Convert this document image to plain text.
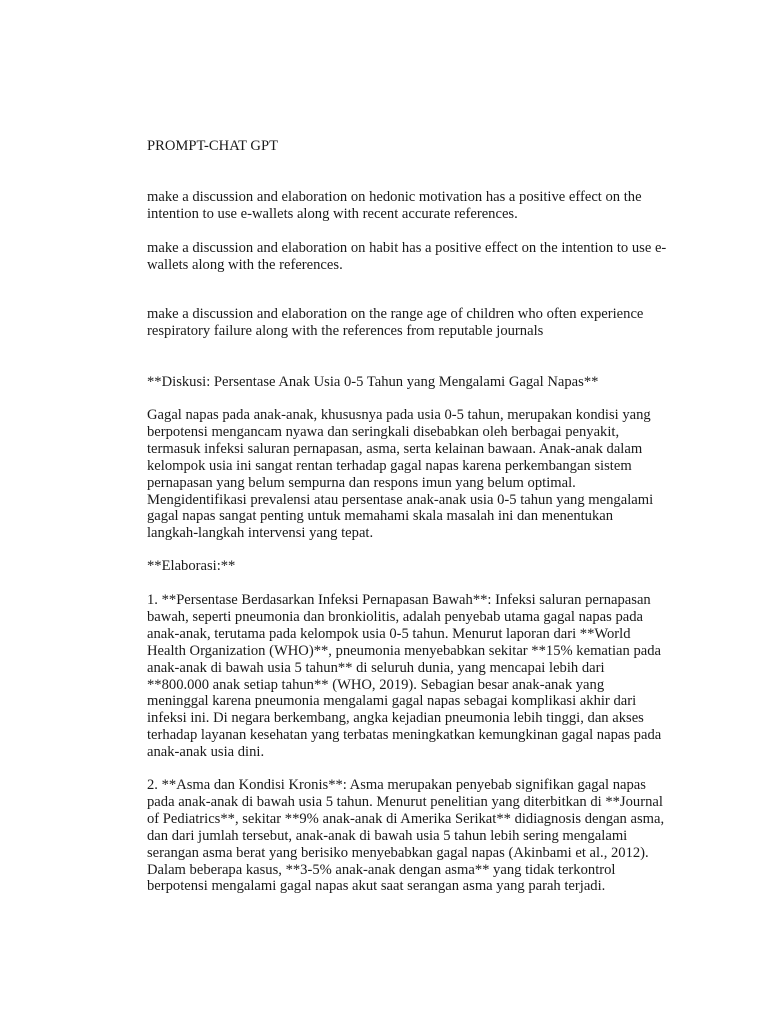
PROMPT-CHAT GPT

make a discussion and elaboration on hedonic motivation has a positive effect on the intention to use e-wallets along with recent accurate references.

make a discussion and elaboration on habit has a positive effect on the intention to use e-wallets along with the references.

make a discussion and elaboration on the range age of children who often experience respiratory failure along with the references from reputable journals

**Diskusi: Persentase Anak Usia 0-5 Tahun yang Mengalami Gagal Napas**

Gagal napas pada anak-anak, khususnya pada usia 0-5 tahun, merupakan kondisi yang berpotensi mengancam nyawa dan seringkali disebabkan oleh berbagai penyakit, termasuk infeksi saluran pernapasan, asma, serta kelainan bawaan. Anak-anak dalam kelompok usia ini sangat rentan terhadap gagal napas karena perkembangan sistem pernapasan yang belum sempurna dan respons imun yang belum optimal. Mengidentifikasi prevalensi atau persentase anak-anak usia 0-5 tahun yang mengalami gagal napas sangat penting untuk memahami skala masalah ini dan menentukan langkah-langkah intervensi yang tepat.

**Elaborasi:**

1. **Persentase Berdasarkan Infeksi Pernapasan Bawah**: Infeksi saluran pernapasan bawah, seperti pneumonia dan bronkiolitis, adalah penyebab utama gagal napas pada anak-anak, terutama pada kelompok usia 0-5 tahun. Menurut laporan dari **World Health Organization (WHO)**, pneumonia menyebabkan sekitar **15% kematian pada anak-anak di bawah usia 5 tahun** di seluruh dunia, yang mencapai lebih dari **800.000 anak setiap tahun** (WHO, 2019). Sebagian besar anak-anak yang meninggal karena pneumonia mengalami gagal napas sebagai komplikasi akhir dari infeksi ini. Di negara berkembang, angka kejadian pneumonia lebih tinggi, dan akses terhadap layanan kesehatan yang terbatas meningkatkan kemungkinan gagal napas pada anak-anak usia dini.

2. **Asma dan Kondisi Kronis**: Asma merupakan penyebab signifikan gagal napas pada anak-anak di bawah usia 5 tahun. Menurut penelitian yang diterbitkan di **Journal of Pediatrics**, sekitar **9% anak-anak di Amerika Serikat** didiagnosis dengan asma, dan dari jumlah tersebut, anak-anak di bawah usia 5 tahun lebih sering mengalami serangan asma berat yang berisiko menyebabkan gagal napas (Akinbami et al., 2012). Dalam beberapa kasus, **3-5% anak-anak dengan asma** yang tidak terkontrol berpotensi mengalami gagal napas akut saat serangan asma yang parah terjadi.
